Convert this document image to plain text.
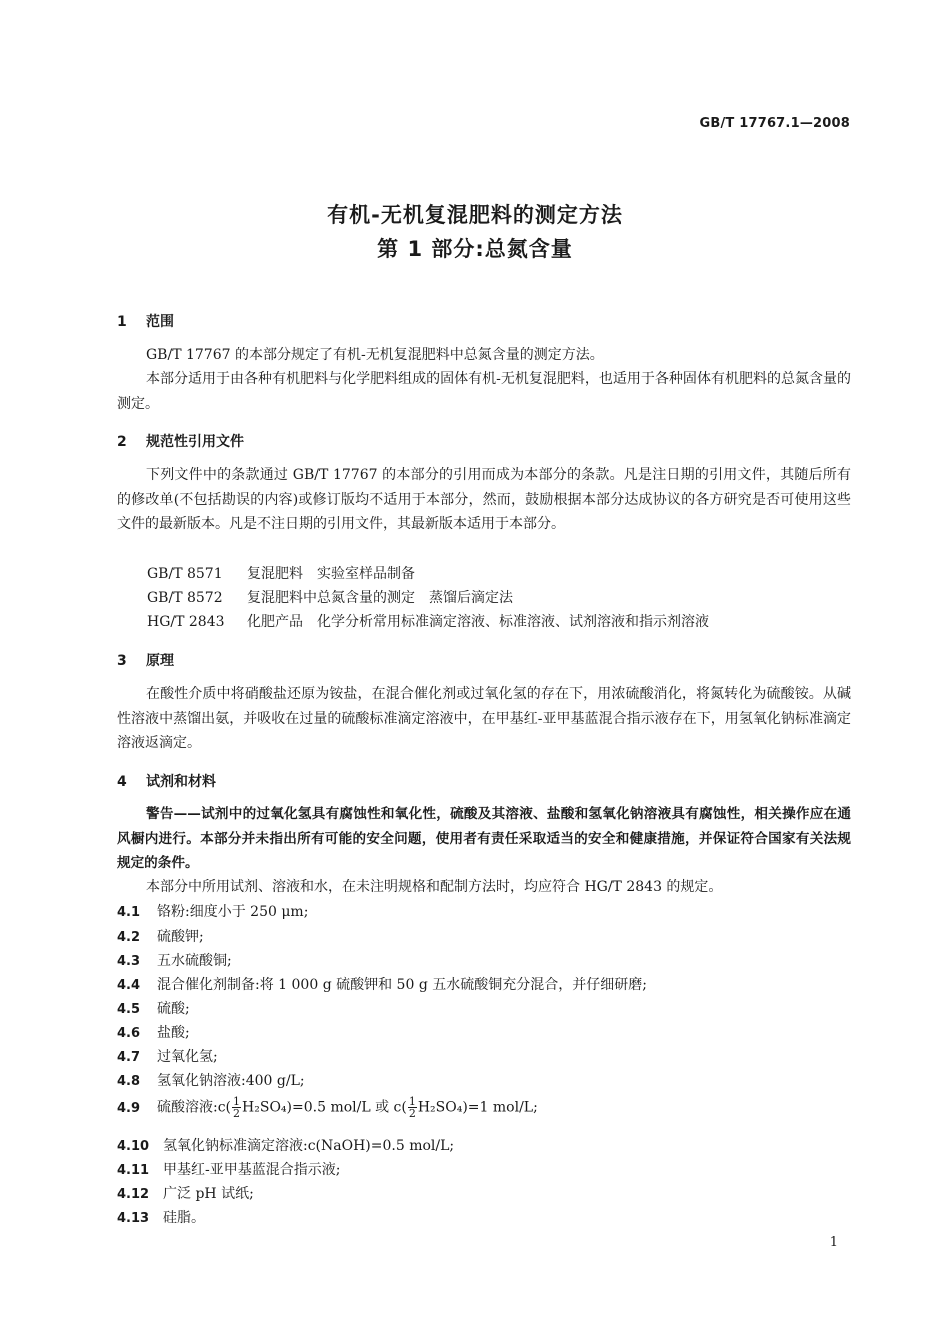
GB/T 17767.1—2008
有机-无机复混肥料的测定方法
第 1 部分:总氮含量
1 范围
GB/T 17767 的本部分规定了有机-无机复混肥料中总氮含量的测定方法。
本部分适用于由各种有机肥料与化学肥料组成的固体有机-无机复混肥料，也适用于各种固体有机肥料的总氮含量的测定。
2 规范性引用文件
下列文件中的条款通过 GB/T 17767 的本部分的引用而成为本部分的条款。凡是注日期的引用文件，其随后所有的修改单(不包括勘误的内容)或修订版均不适用于本部分，然而，鼓励根据本部分达成协议的各方研究是否可使用这些文件的最新版本。凡是不注日期的引用文件，其最新版本适用于本部分。
GB/T 8571 复混肥料 实验室样品制备
GB/T 8572 复混肥料中总氮含量的测定 蒸馏后滴定法
HG/T 2843 化肥产品 化学分析常用标准滴定溶液、标准溶液、试剂溶液和指示剂溶液
3 原理
在酸性介质中将硝酸盐还原为铵盐，在混合催化剂或过氧化氢的存在下，用浓硫酸消化，将氮转化为硫酸铵。从碱性溶液中蒸馏出氨，并吸收在过量的硫酸标准滴定溶液中，在甲基红-亚甲基蓝混合指示液存在下，用氢氧化钠标准滴定溶液返滴定。
4 试剂和材料
警告——试剂中的过氧化氢具有腐蚀性和氧化性，硫酸及其溶液、盐酸和氢氧化钠溶液具有腐蚀性，相关操作应在通风橱内进行。本部分并未指出所有可能的安全问题，使用者有责任采取适当的安全和健康措施，并保证符合国家有关法规规定的条件。
本部分中所用试剂、溶液和水，在未注明规格和配制方法时，均应符合 HG/T 2843 的规定。
4.1 铬粉:细度小于 250 μm;
4.2 硫酸钾;
4.3 五水硫酸铜;
4.4 混合催化剂制备:将 1 000 g 硫酸钾和 50 g 五水硫酸铜充分混合，并仔细研磨;
4.5 硫酸;
4.6 盐酸;
4.7 过氧化氢;
4.8 氢氧化钠溶液:400 g/L;
4.9 硫酸溶液:c( $\frac{1}{2} H_2SO_4)=0.5$ mol/L 或 $c( \frac{1}{2} H_2SO_4)=1$ mol/L;
4.10 氢氧化钠标准滴定溶液:c(NaOH)=0.5 mol/L;
4.11 甲基红-亚甲基蓝混合指示液;
4.12 广泛 pH 试纸;
4.13 硅脂。
1
